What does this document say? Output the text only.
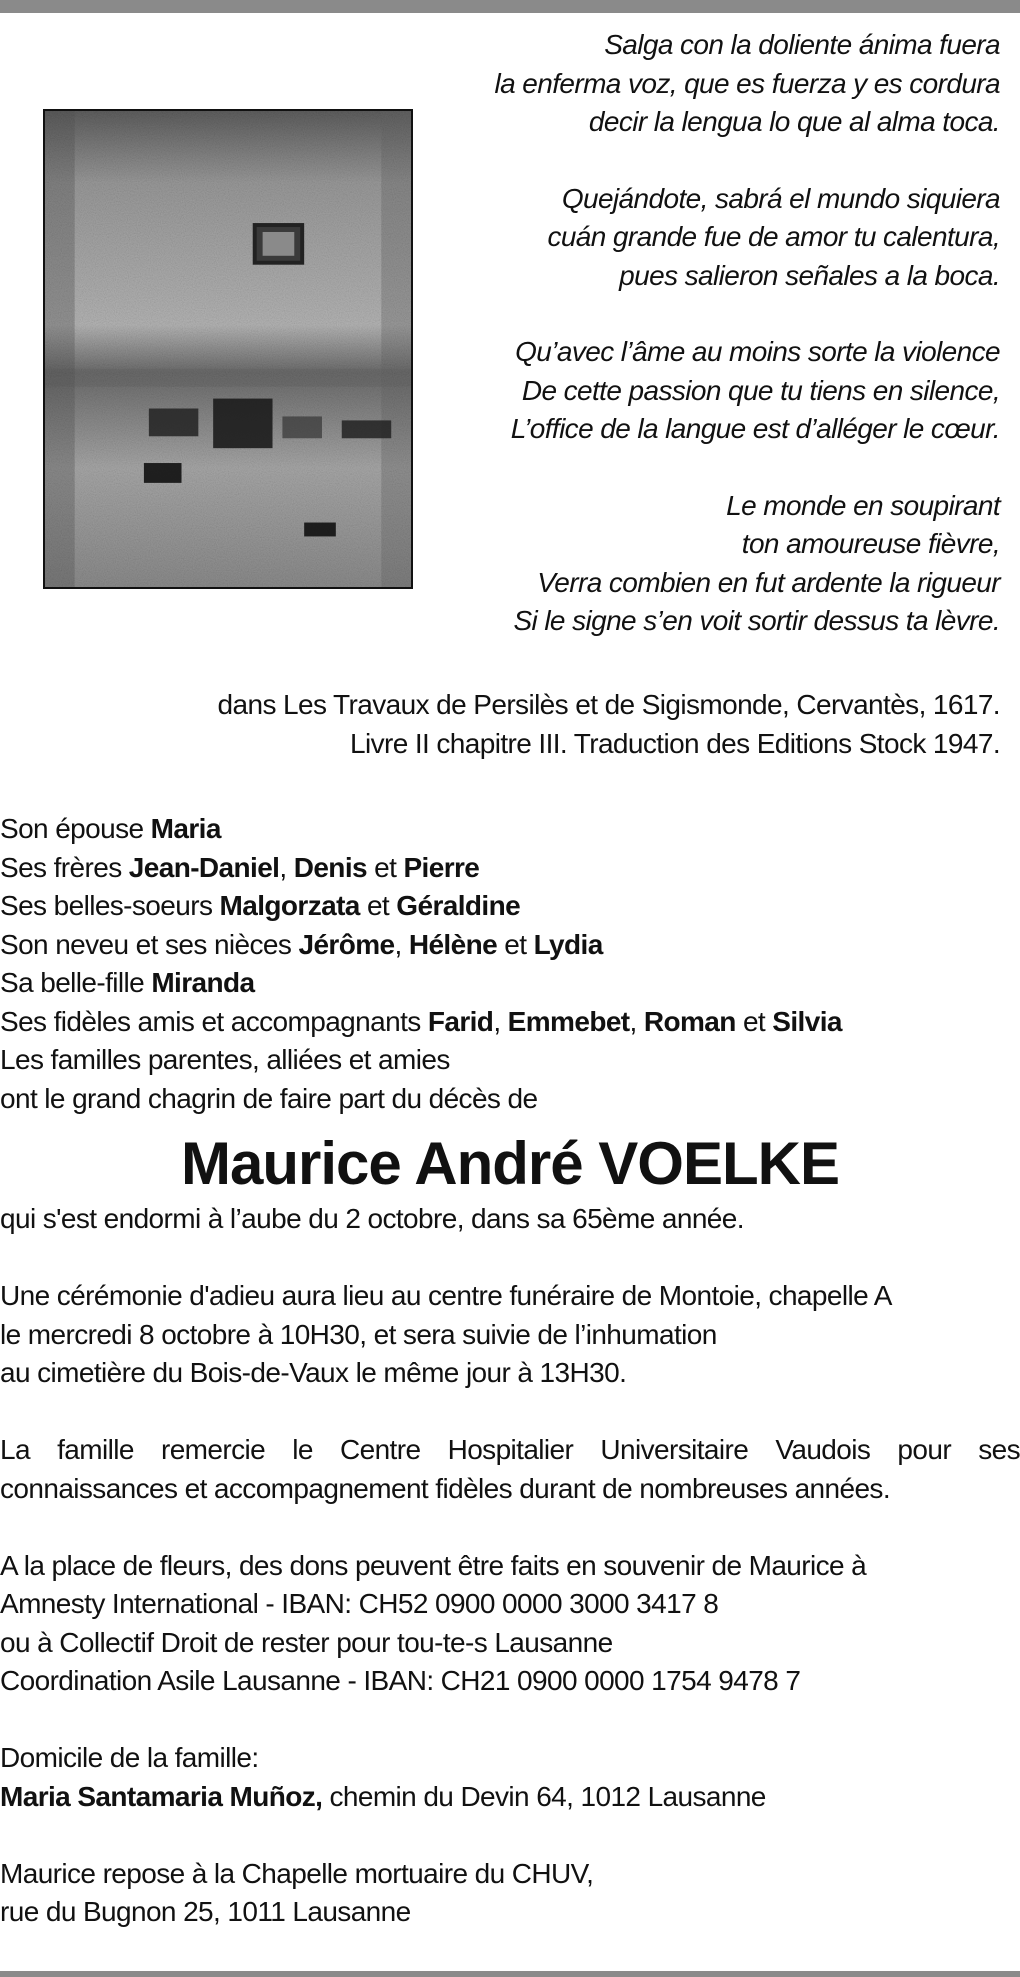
Salga con la doliente ánima fuera

la enferma voz, que es fuerza y es cordura

decir la lengua lo que al alma toca.

Quejándote, sabrá el mundo siquiera

cuán grande fue de amor tu calentura,

pues salieron señales a la boca.

Qu’avec l’âme au moins sorte la violence

De cette passion que tu tiens en silence,

L’office de la langue est d’alléger le cœur.

Le monde en soupirant

ton amoureuse fièvre,

Verra combien en fut ardente la rigueur

Si le signe s’en voit sortir dessus ta lèvre.

dans Les Travaux de Persilès et de Sigismonde, Cervantès, 1617.

Livre II chapitre III. Traduction des Editions Stock 1947.

Son épouse Maria

Ses frères Jean-Daniel, Denis et Pierre

Ses belles-soeurs Malgorzata et Géraldine

Son neveu et ses nièces Jérôme, Hélène et Lydia

Sa belle-fille Miranda

Ses fidèles amis et accompagnants Farid, Emmebet, Roman et Silvia

Les familles parentes, alliées et amies

ont le grand chagrin de faire part du décès de

Maurice André VOELKE

qui s'est endormi à l’aube du 2 octobre, dans sa 65ème année.

Une cérémonie d'adieu aura lieu au centre funéraire de Montoie, chapelle A

le mercredi 8 octobre à 10H30, et sera suivie de l’inhumation

au cimetière du Bois-de-Vaux le même jour à 13H30.

La famille remercie le Centre Hospitalier Universitaire Vaudois pour ses

connaissances et accompagnement fidèles durant de nombreuses années.

A la place de fleurs, des dons peuvent être faits en souvenir de Maurice à

Amnesty International - IBAN: CH52 0900 0000 3000 3417 8

ou à Collectif Droit de rester pour tou-te-s Lausanne

Coordination Asile Lausanne - IBAN: CH21 0900 0000 1754 9478 7

Domicile de la famille:

Maria Santamaria Muñoz, chemin du Devin 64, 1012 Lausanne

Maurice repose à la Chapelle mortuaire du CHUV,

rue du Bugnon 25, 1011 Lausanne
